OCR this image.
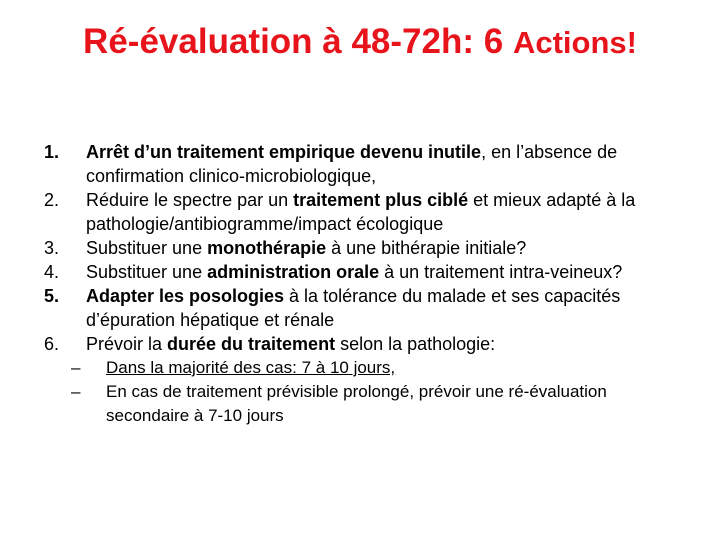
Ré-évaluation à 48-72h: 6 Actions!
1. Arrêt d’un traitement empirique devenu inutile, en l’absence de confirmation clinico-microbiologique,
2. Réduire le spectre par un traitement plus ciblé et mieux adapté à la pathologie/antibiogramme/impact écologique
3. Substituer une monothérapie à une bithérapie initiale?
4. Substituer une administration orale à un traitement intra-veineux?
5. Adapter les posologies à la tolérance du malade et ses capacités d’épuration hépatique et rénale
6. Prévoir la durée du traitement selon la pathologie:
– Dans la majorité des cas: 7 à 10 jours,
– En cas de traitement prévisible prolongé, prévoir une ré-évaluation secondaire à 7-10 jours
